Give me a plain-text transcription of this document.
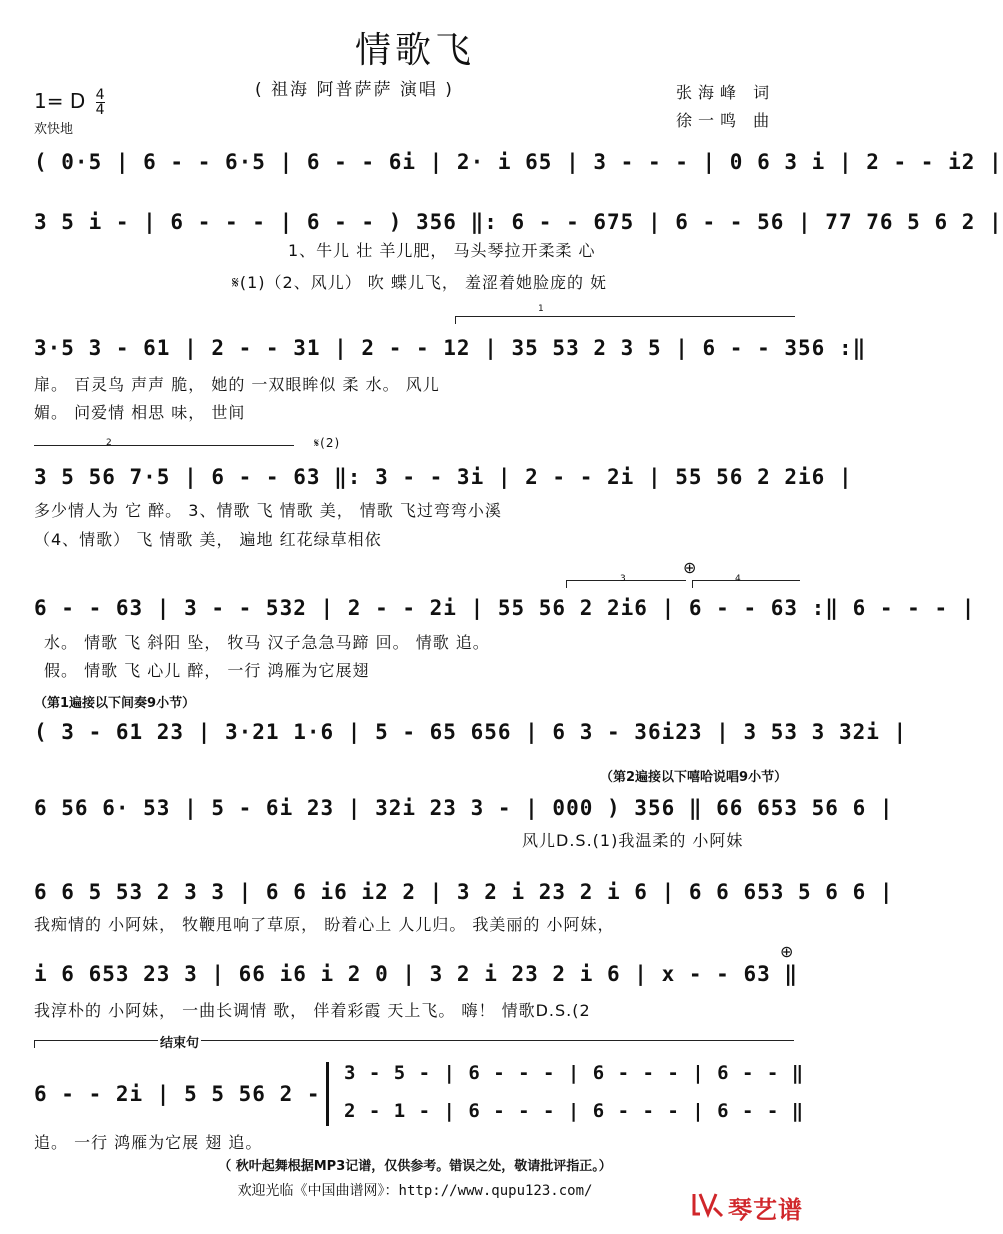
情歌飞
( 祖海 阿普萨萨 演唱 )	张海峰 词
徐一鸣 曲
1= D $\frac{4}{4}$
欢快地
( 0·5 | 6 - - 6·5 | 6 - - 6i | 2· i 65 | 3 - - - | 0 6 3 i | 2 - - i2 |
3 5 i - | 6 - - - | 6 - - ) 356 ‖: 6 - - 675 | 6 - - 56 | 77 76 5 6 2 |
1、牛儿 壮 羊儿肥， 马头琴拉开柔柔 心
𝄋(1)（2、风儿） 吹 蝶儿飞， 羞涩着她脸庞的 妩
1
3·5 3 - 61 | 2 - - 31 | 2 - - 12 | 35 53 2 3 5 | 6 - - 356 :‖
扉。 百灵鸟 声声 脆， 她的 一双眼眸似 柔 水。 风儿
媚。 问爱情 相思 味， 世间
2	𝄋(2)
3 5 56 7·5 | 6 - - 63 ‖: 3 - - 3i | 2 - - 2i | 55 56 2 2i6 |
多少情人为 它 醉。 3、情歌 飞 情歌 美， 情歌 飞过弯弯小溪
（4、情歌） 飞 情歌 美， 遍地 红花绿草相依
3	4
⊕
6 - - 63 | 3 - - 532 | 2 - - 2i | 55 56 2 2i6 | 6 - - 63 :‖ 6 - - - |
水。 情歌 飞 斜阳 坠， 牧马 汉子急急马蹄 回。 情歌 追。
假。 情歌 飞 心儿 醉， 一行 鸿雁为它展翅
（第1遍接以下间奏9小节）
( 3 - 61 23 | 3·21 1·6 | 5 - 65 656 | 6 3 - 36i23 | 3 53 3 32i |
（第2遍接以下嘻哈说唱9小节）
6 56 6· 53 | 5 - 6i 23 | 32i 23 3 - | 000 ) 356 ‖ 66 653 56 6 |
风儿D.S.(1)我温柔的 小阿妹
6 6 5 53 2 3 3 | 6 6 i6 i2 2 | 3 2 i 23 2 i 6 | 6 6 653 5 6 6 |
我痴情的 小阿妹， 牧鞭甩响了草原， 盼着心上 人儿归。 我美丽的 小阿妹，
⊕
i 6 653 23 3 | 66 i6 i 2 0 | 3 2 i 23 2 i 6 | x - - 63 ‖
我淳朴的 小阿妹， 一曲长调情 歌， 伴着彩霞 天上飞。 嗨！ 情歌D.S.(2
结束句
6 - - 2i | 5 5 56 2 -
3 - 5 - | 6 - - - | 6 - - - | 6 - - ‖
2 - 1 - | 6 - - - | 6 - - - | 6 - - ‖
追。 一行 鸿雁为它展 翅 追。
（ 秋叶起舞根据MP3记谱，仅供参考。错误之处，敬请批评指正。）
欢迎光临《中国曲谱网》：http://www.qupu123.com/
琴艺谱
